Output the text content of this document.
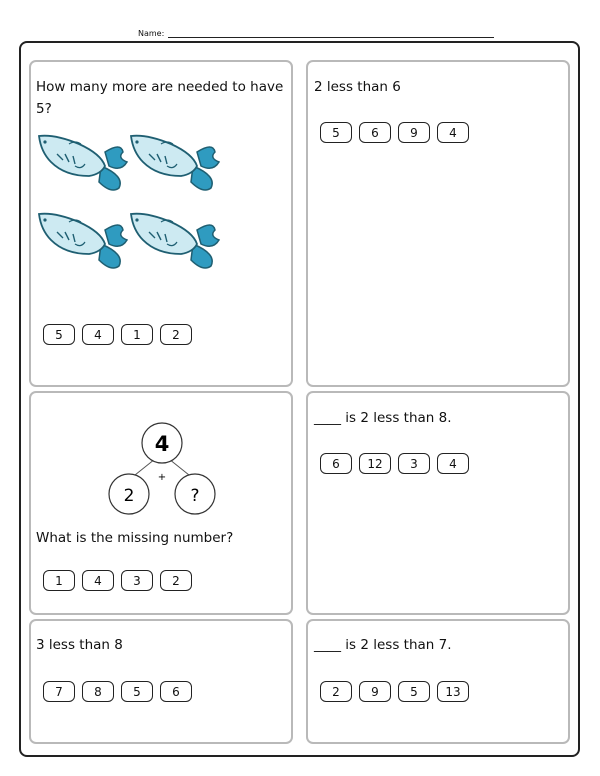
Name:

How many more are needed to have 5?

5	4	1	2

2 less than 6

5	6	9	4
4
2	?
+

What is the missing number?

1	4	3	2

____ is 2 less than 8.

6	12	3	4

3 less than 8

7	8	5	6

____ is 2 less than 7.

2	9	5	13
